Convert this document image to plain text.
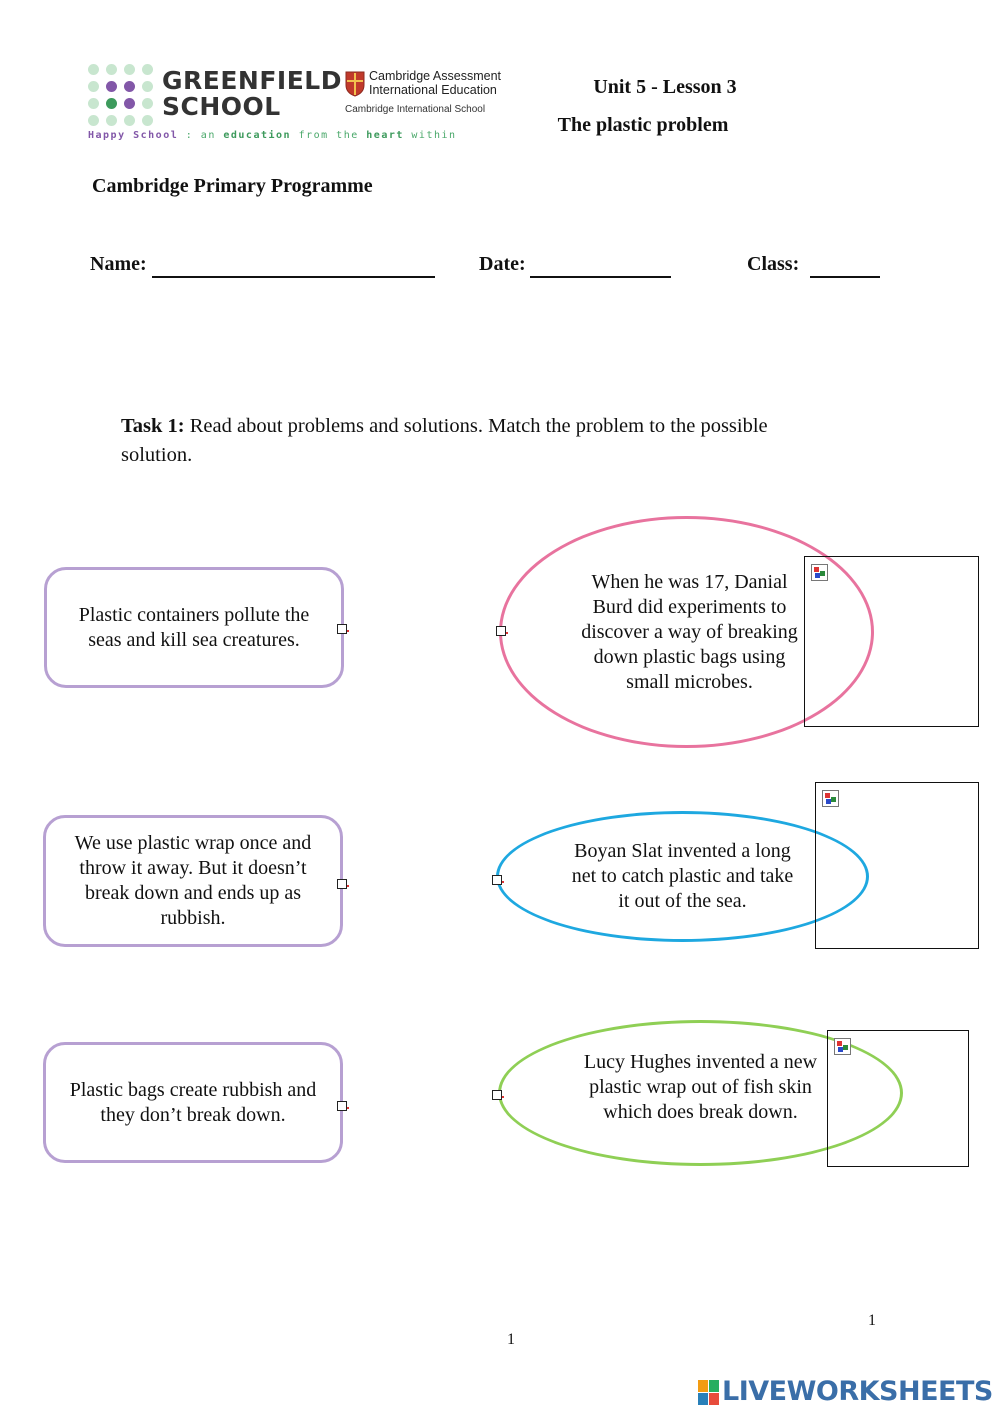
GREENFIELD
SCHOOL
Cambridge Assessment
International Education
Cambridge International School
Happy School : an education from the heart within
Unit 5 - Lesson 3
The plastic problem
Cambridge Primary Programme
Name:	Date:	Class:
Task 1: Read about problems and solutions. Match the problem to the possible solution.
Plastic containers pollute the seas and kill sea creatures.
We use plastic wrap once and throw it away. But it doesn’t break down and ends up as rubbish.
Plastic bags create rubbish and they don’t break down.
When he was 17, Danial Burd did experiments to discover a way of breaking down plastic bags using small microbes.
Boyan Slat invented a long net to catch plastic and take it out of the sea.
Lucy Hughes invented a new plastic wrap out of fish skin which does break down.
1
1
LIVEWORKSHEETS
